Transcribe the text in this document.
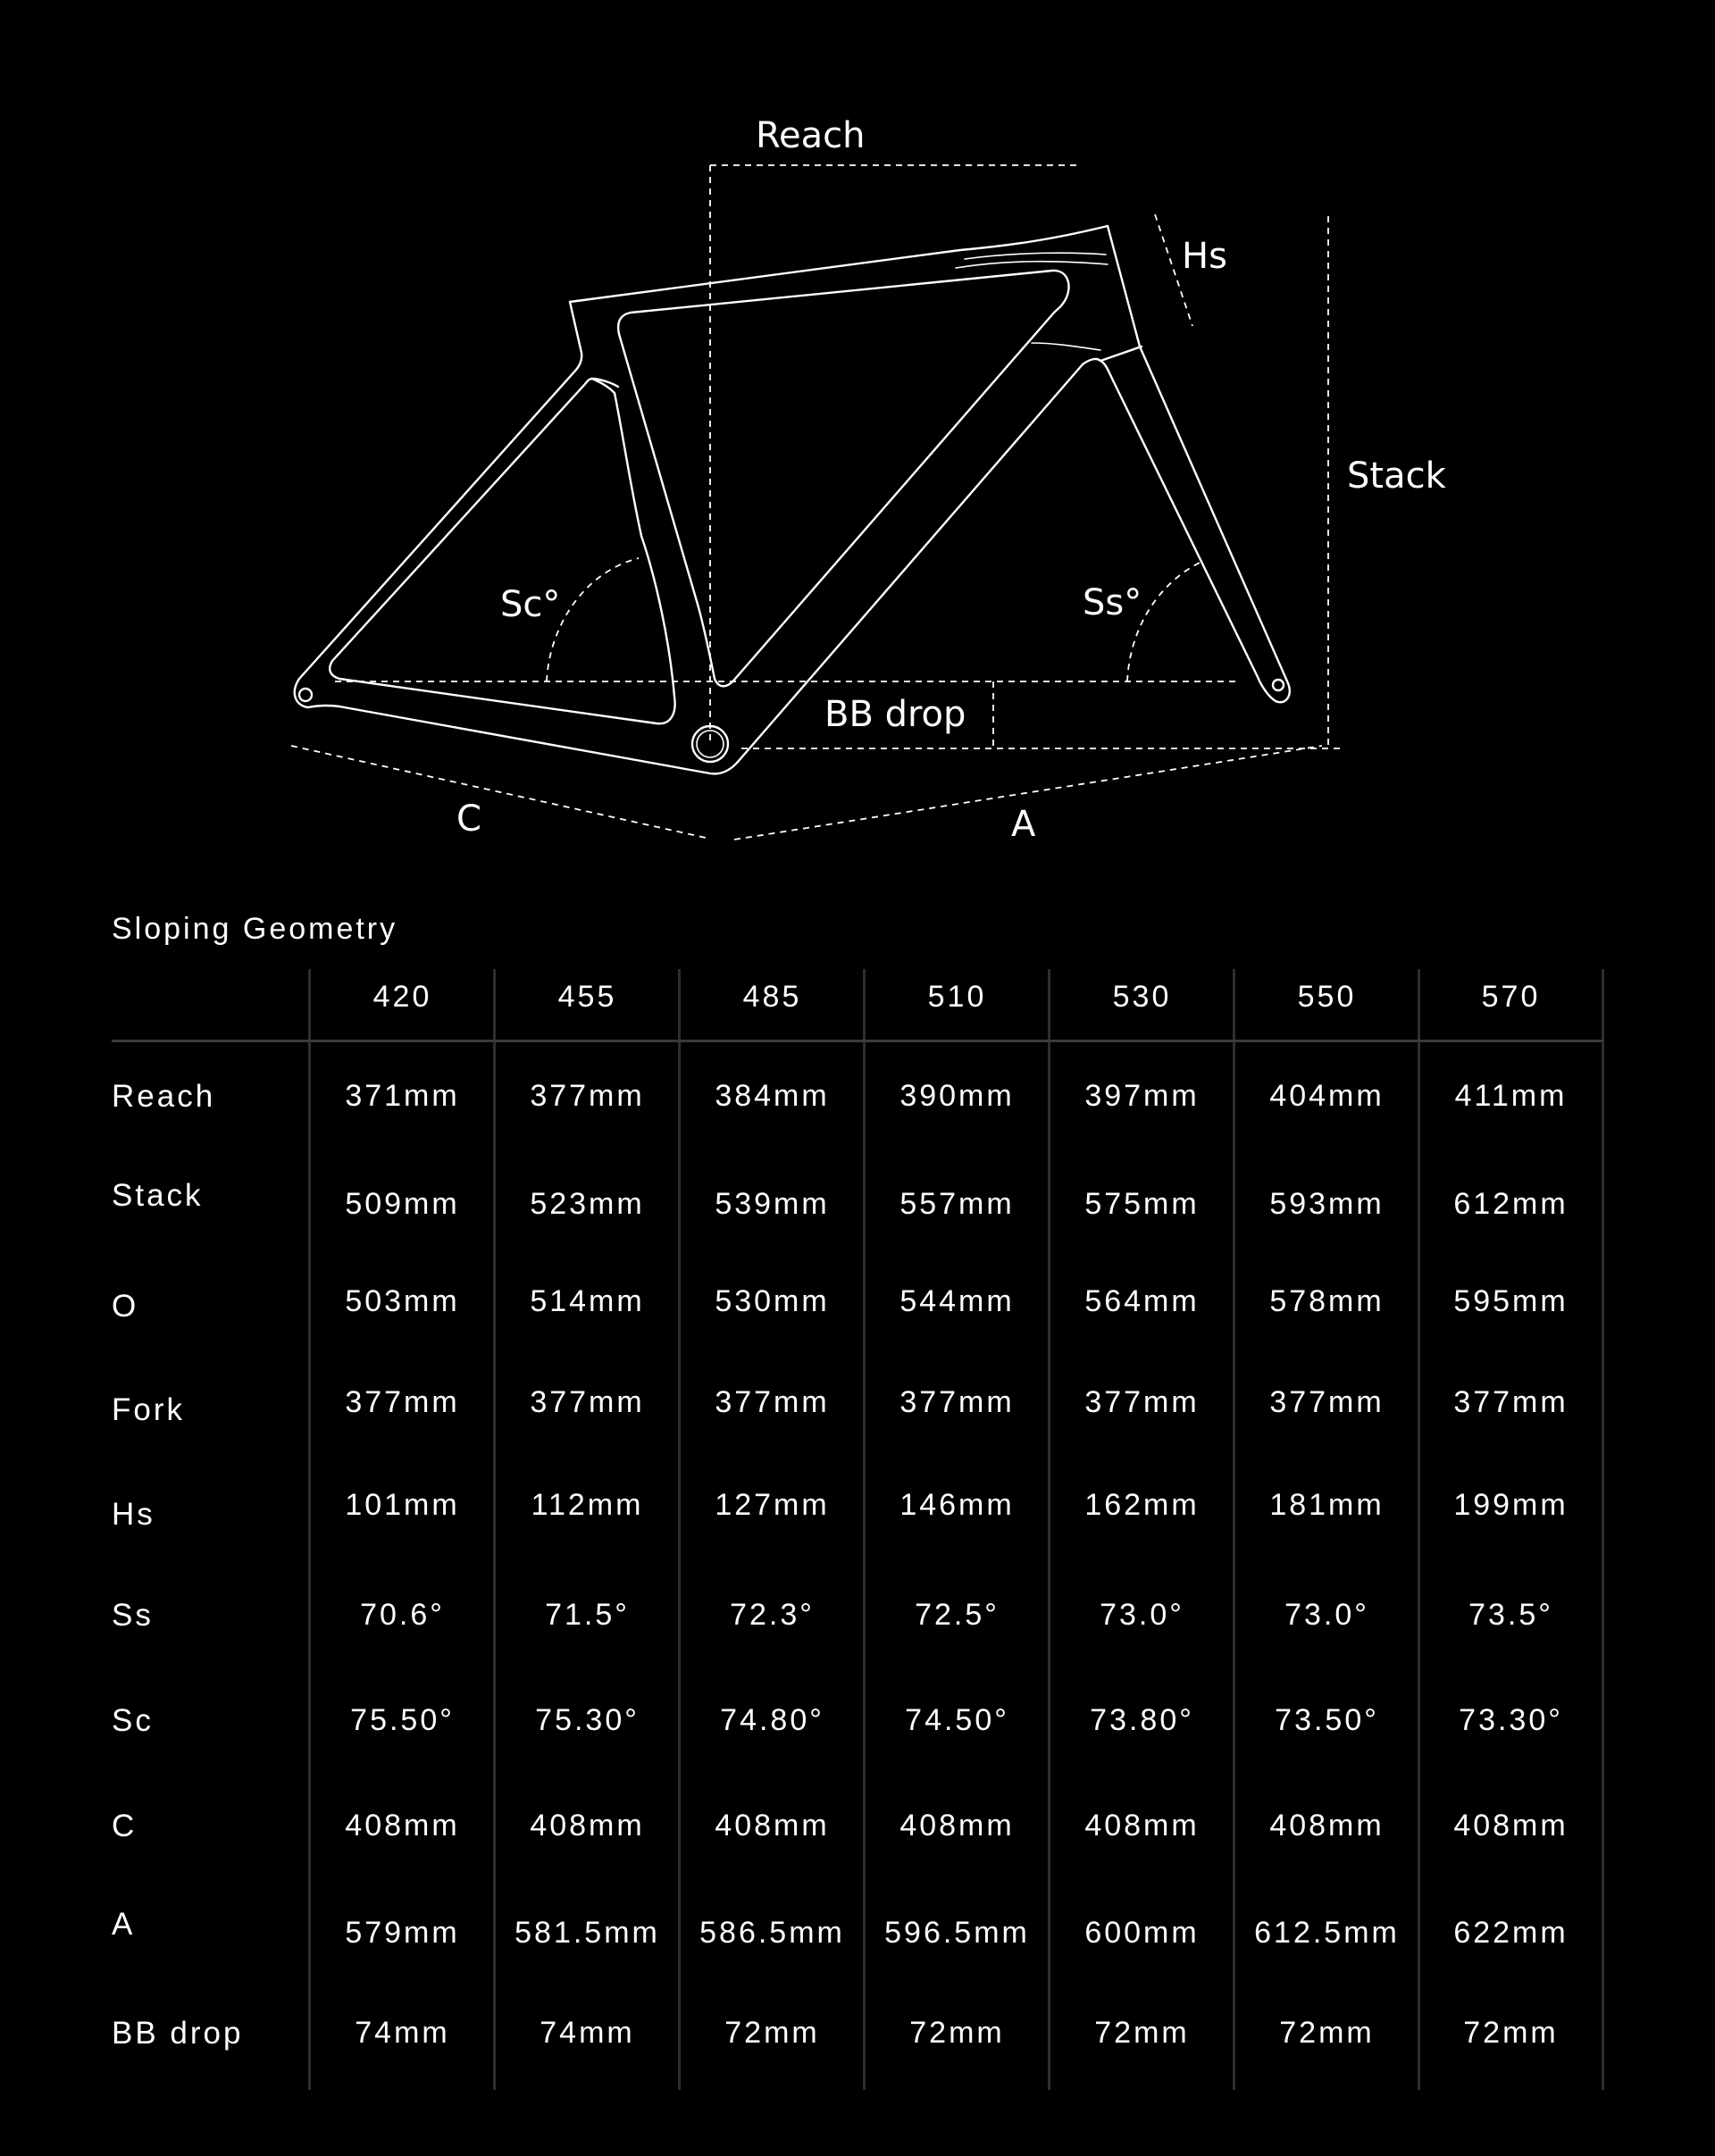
Reach
Hs
Stack
Sc°	Ss°
BB drop
C	A
Sloping Geometry
420	455	485	510	530	550	570
Reach	371mm	377mm	384mm	390mm	397mm	404mm	411mm
Stack	509mm	523mm	539mm	557mm	575mm	593mm	612mm
O	503mm	514mm	530mm	544mm	564mm	578mm	595mm
Fork	377mm	377mm	377mm	377mm	377mm	377mm	377mm
Hs	101mm	112mm	127mm	146mm	162mm	181mm	199mm
Ss	70.6°	71.5°	72.3°	72.5°	73.0°	73.0°	73.5°
Sc	75.50°	75.30°	74.80°	74.50°	73.80°	73.50°	73.30°
C	408mm	408mm	408mm	408mm	408mm	408mm	408mm
A	579mm	581.5mm	586.5mm	596.5mm	600mm	612.5mm	622mm
BB drop	74mm	74mm	72mm	72mm	72mm	72mm	72mm
